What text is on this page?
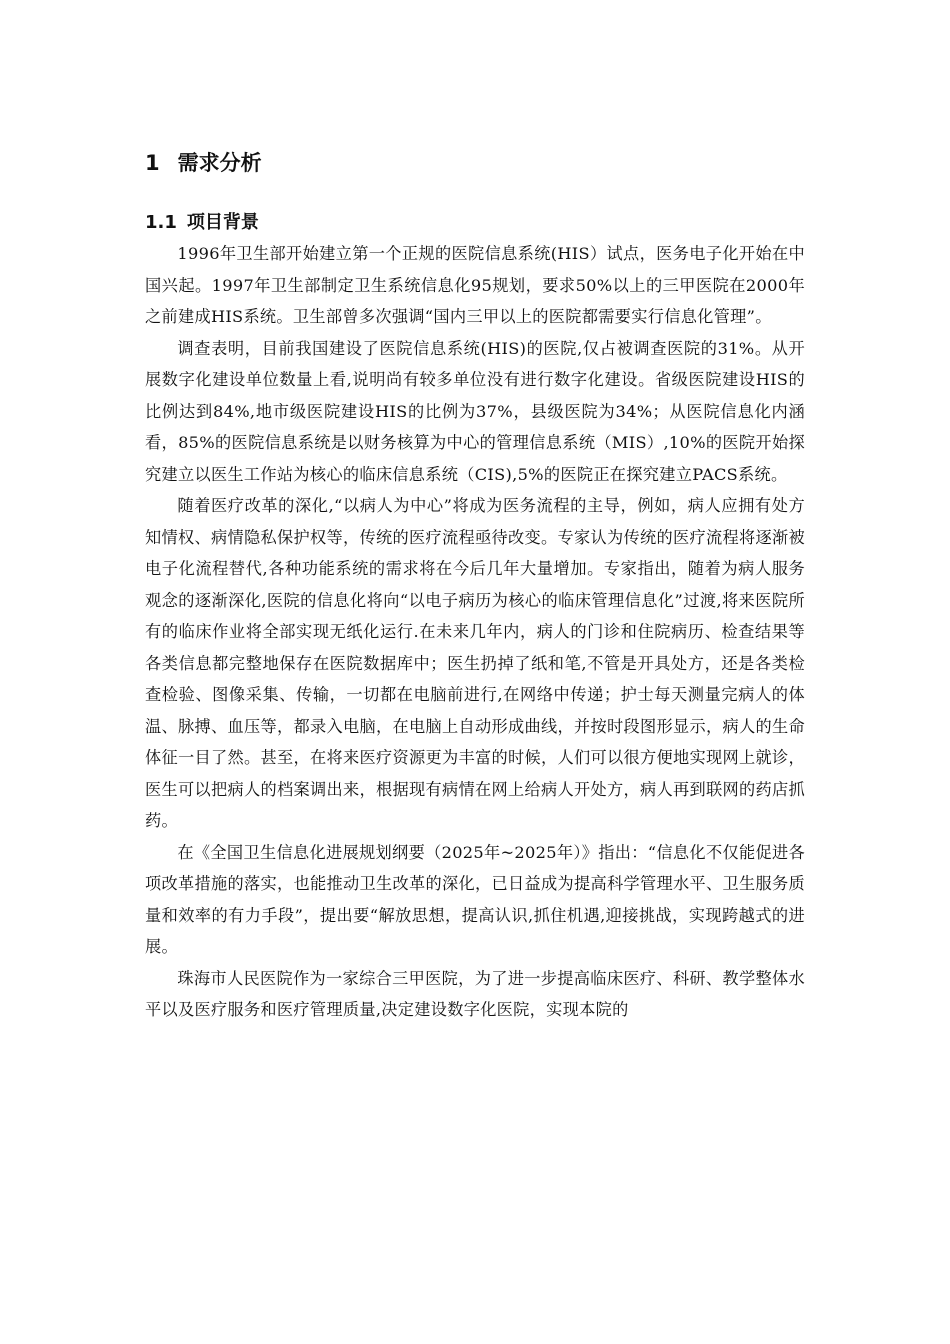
1 需求分析
1.1 项目背景

1996年卫生部开始建立第一个正规的医院信息系统(HIS）试点，医务电子化开始在中国兴起。1997年卫生部制定卫生系统信息化95规划，要求50%以上的三甲医院在2000年之前建成HIS系统。卫生部曾多次强调“国内三甲以上的医院都需要实行信息化管理”。

调查表明，目前我国建设了医院信息系统(HIS)的医院,仅占被调查医院的31%。从开展数字化建设单位数量上看,说明尚有较多单位没有进行数字化建设。省级医院建设HIS的比例达到84%,地市级医院建设HIS的比例为37%，县级医院为34%；从医院信息化内涵看，85%的医院信息系统是以财务核算为中心的管理信息系统（MIS）,10%的医院开始探究建立以医生工作站为核心的临床信息系统（CIS),5%的医院正在探究建立PACS系统。

随着医疗改革的深化,“以病人为中心”将成为医务流程的主导，例如，病人应拥有处方知情权、病情隐私保护权等，传统的医疗流程亟待改变。专家认为传统的医疗流程将逐渐被电子化流程替代,各种功能系统的需求将在今后几年大量增加。专家指出，随着为病人服务观念的逐渐深化,医院的信息化将向“以电子病历为核心的临床管理信息化”过渡,将来医院所有的临床作业将全部实现无纸化运行.在未来几年内，病人的门诊和住院病历、检查结果等各类信息都完整地保存在医院数据库中；医生扔掉了纸和笔,不管是开具处方，还是各类检查检验、图像采集、传输，一切都在电脑前进行,在网络中传递；护士每天测量完病人的体温、脉搏、血压等，都录入电脑，在电脑上自动形成曲线，并按时段图形显示，病人的生命体征一目了然。甚至，在将来医疗资源更为丰富的时候，人们可以很方便地实现网上就诊，医生可以把病人的档案调出来，根据现有病情在网上给病人开处方，病人再到联网的药店抓药。

在《全国卫生信息化进展规划纲要（2025年~2025年）》指出：“信息化不仅能促进各项改革措施的落实，也能推动卫生改革的深化，已日益成为提高科学管理水平、卫生服务质量和效率的有力手段”，提出要“解放思想，提高认识,抓住机遇,迎接挑战，实现跨越式的进展。

珠海市人民医院作为一家综合三甲医院，为了进一步提高临床医疗、科研、教学整体水平以及医疗服务和医疗管理质量,决定建设数字化医院，实现本院的
